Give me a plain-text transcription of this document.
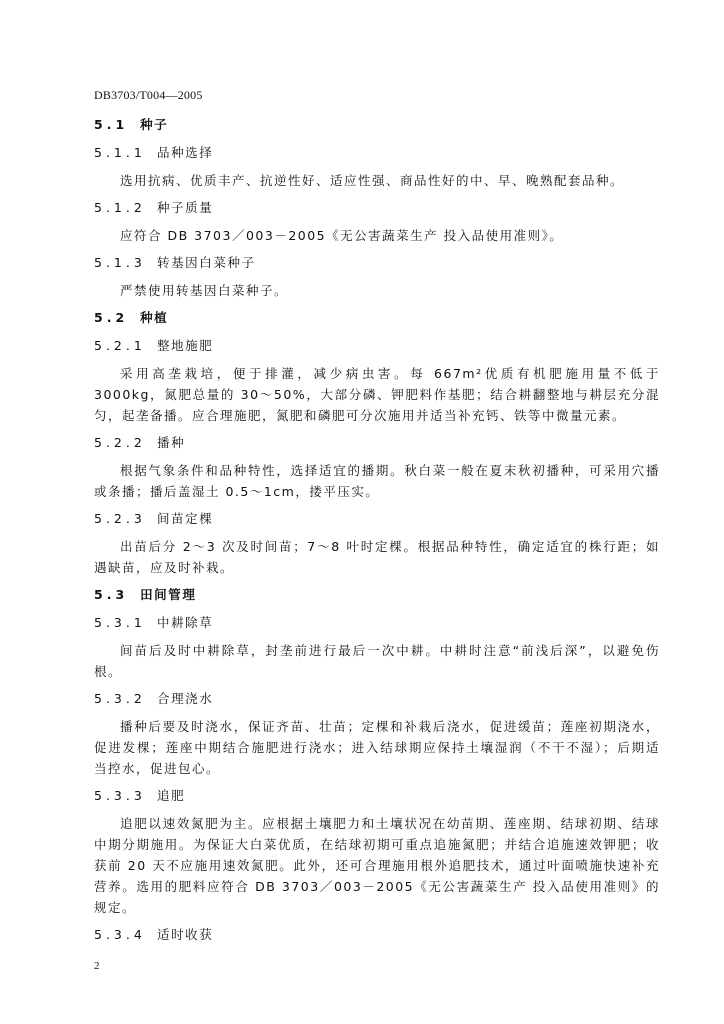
DB3703/T004—2005
5.1 种子
5.1.1 品种选择
选用抗病、优质丰产、抗逆性好、适应性强、商品性好的中、早、晚熟配套品种。
5.1.2 种子质量
应符合 DB 3703／003－2005《无公害蔬菜生产 投入品使用准则》。
5.1.3 转基因白菜种子
严禁使用转基因白菜种子。
5.2 种植
5.2.1 整地施肥
采用高垄栽培，便于排灌，减少病虫害。每 667m²优质有机肥施用量不低于 3000kg，氮肥总量的 30～50%，大部分磷、钾肥料作基肥；结合耕翻整地与耕层充分混匀，起垄备播。应合理施肥，氮肥和磷肥可分次施用并适当补充钙、铁等中微量元素。
5.2.2 播种
根据气象条件和品种特性，选择适宜的播期。秋白菜一般在夏末秋初播种，可采用穴播或条播；播后盖湿土 0.5～1cm，搂平压实。
5.2.3 间苗定棵
出苗后分 2～3 次及时间苗；7～8 叶时定棵。根据品种特性，确定适宜的株行距；如遇缺苗，应及时补栽。
5.3 田间管理
5.3.1 中耕除草
间苗后及时中耕除草，封垄前进行最后一次中耕。中耕时注意“前浅后深”，以避免伤根。
5.3.2 合理浇水
播种后要及时浇水，保证齐苗、壮苗；定棵和补栽后浇水，促进缓苗；莲座初期浇水，促进发棵；莲座中期结合施肥进行浇水；进入结球期应保持土壤湿润（不干不湿）；后期适当控水，促进包心。
5.3.3 追肥
追肥以速效氮肥为主。应根据土壤肥力和土壤状况在幼苗期、莲座期、结球初期、结球中期分期施用。为保证大白菜优质，在结球初期可重点追施氮肥；并结合追施速效钾肥；收获前 20 天不应施用速效氮肥。此外，还可合理施用根外追肥技术，通过叶面喷施快速补充营养。选用的肥料应符合 DB 3703／003－2005《无公害蔬菜生产 投入品使用准则》的规定。
5.3.4 适时收获
2
